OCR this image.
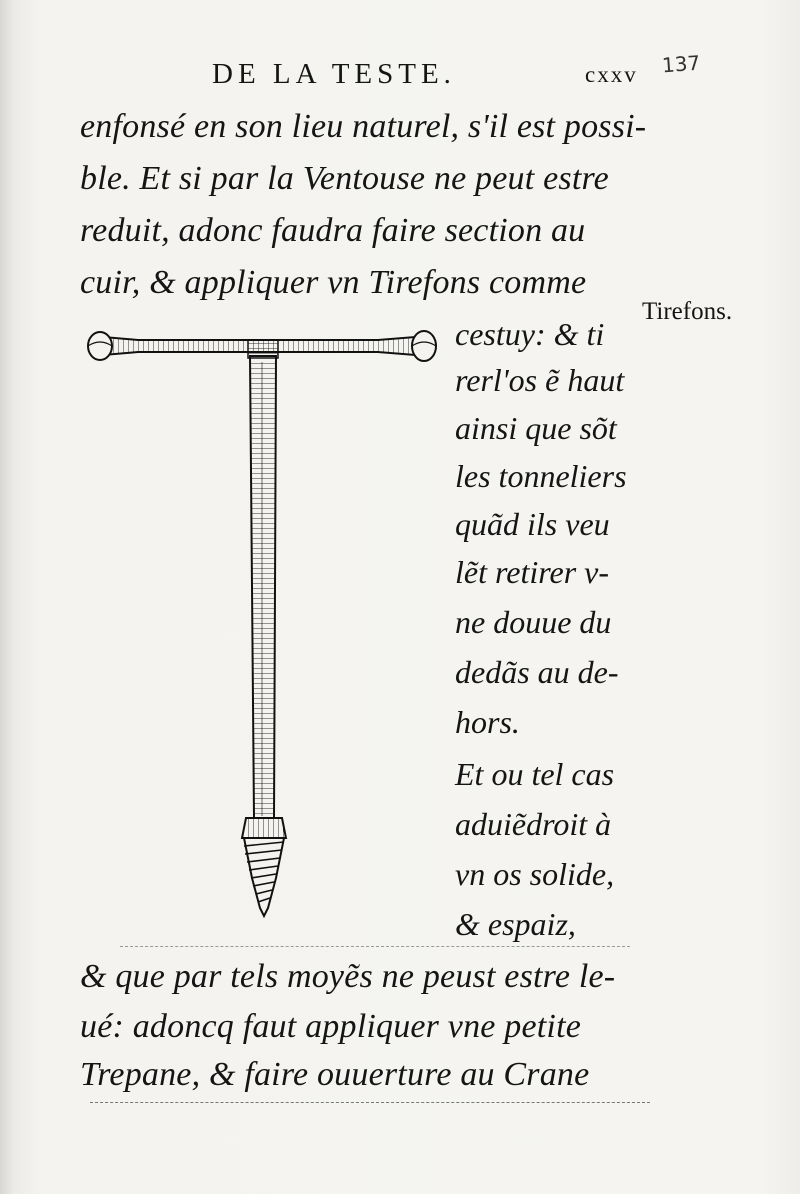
DE LA TESTE.	cxxv 137
enfonsé en son lieu naturel, s'il est possi-
ble. Et si par la Ventouse ne peut estre
reduit, adonc faudra faire section au
cuir, & appliquer vn Tirefons comme
Tirefons.
cestuy: & ti
rerl'os ẽ haut
ainsi que sõt
les tonneliers
quãd ils veu
lẽt retirer v-
ne douue du
dedãs au de-
hors.
Et ou tel cas
aduiẽdroit à
vn os solide,
& espaiz,
& que par tels moyẽs ne peust estre le-
ué: adoncq faut appliquer vne petite
Trepane, & faire ouuerture au Crane
